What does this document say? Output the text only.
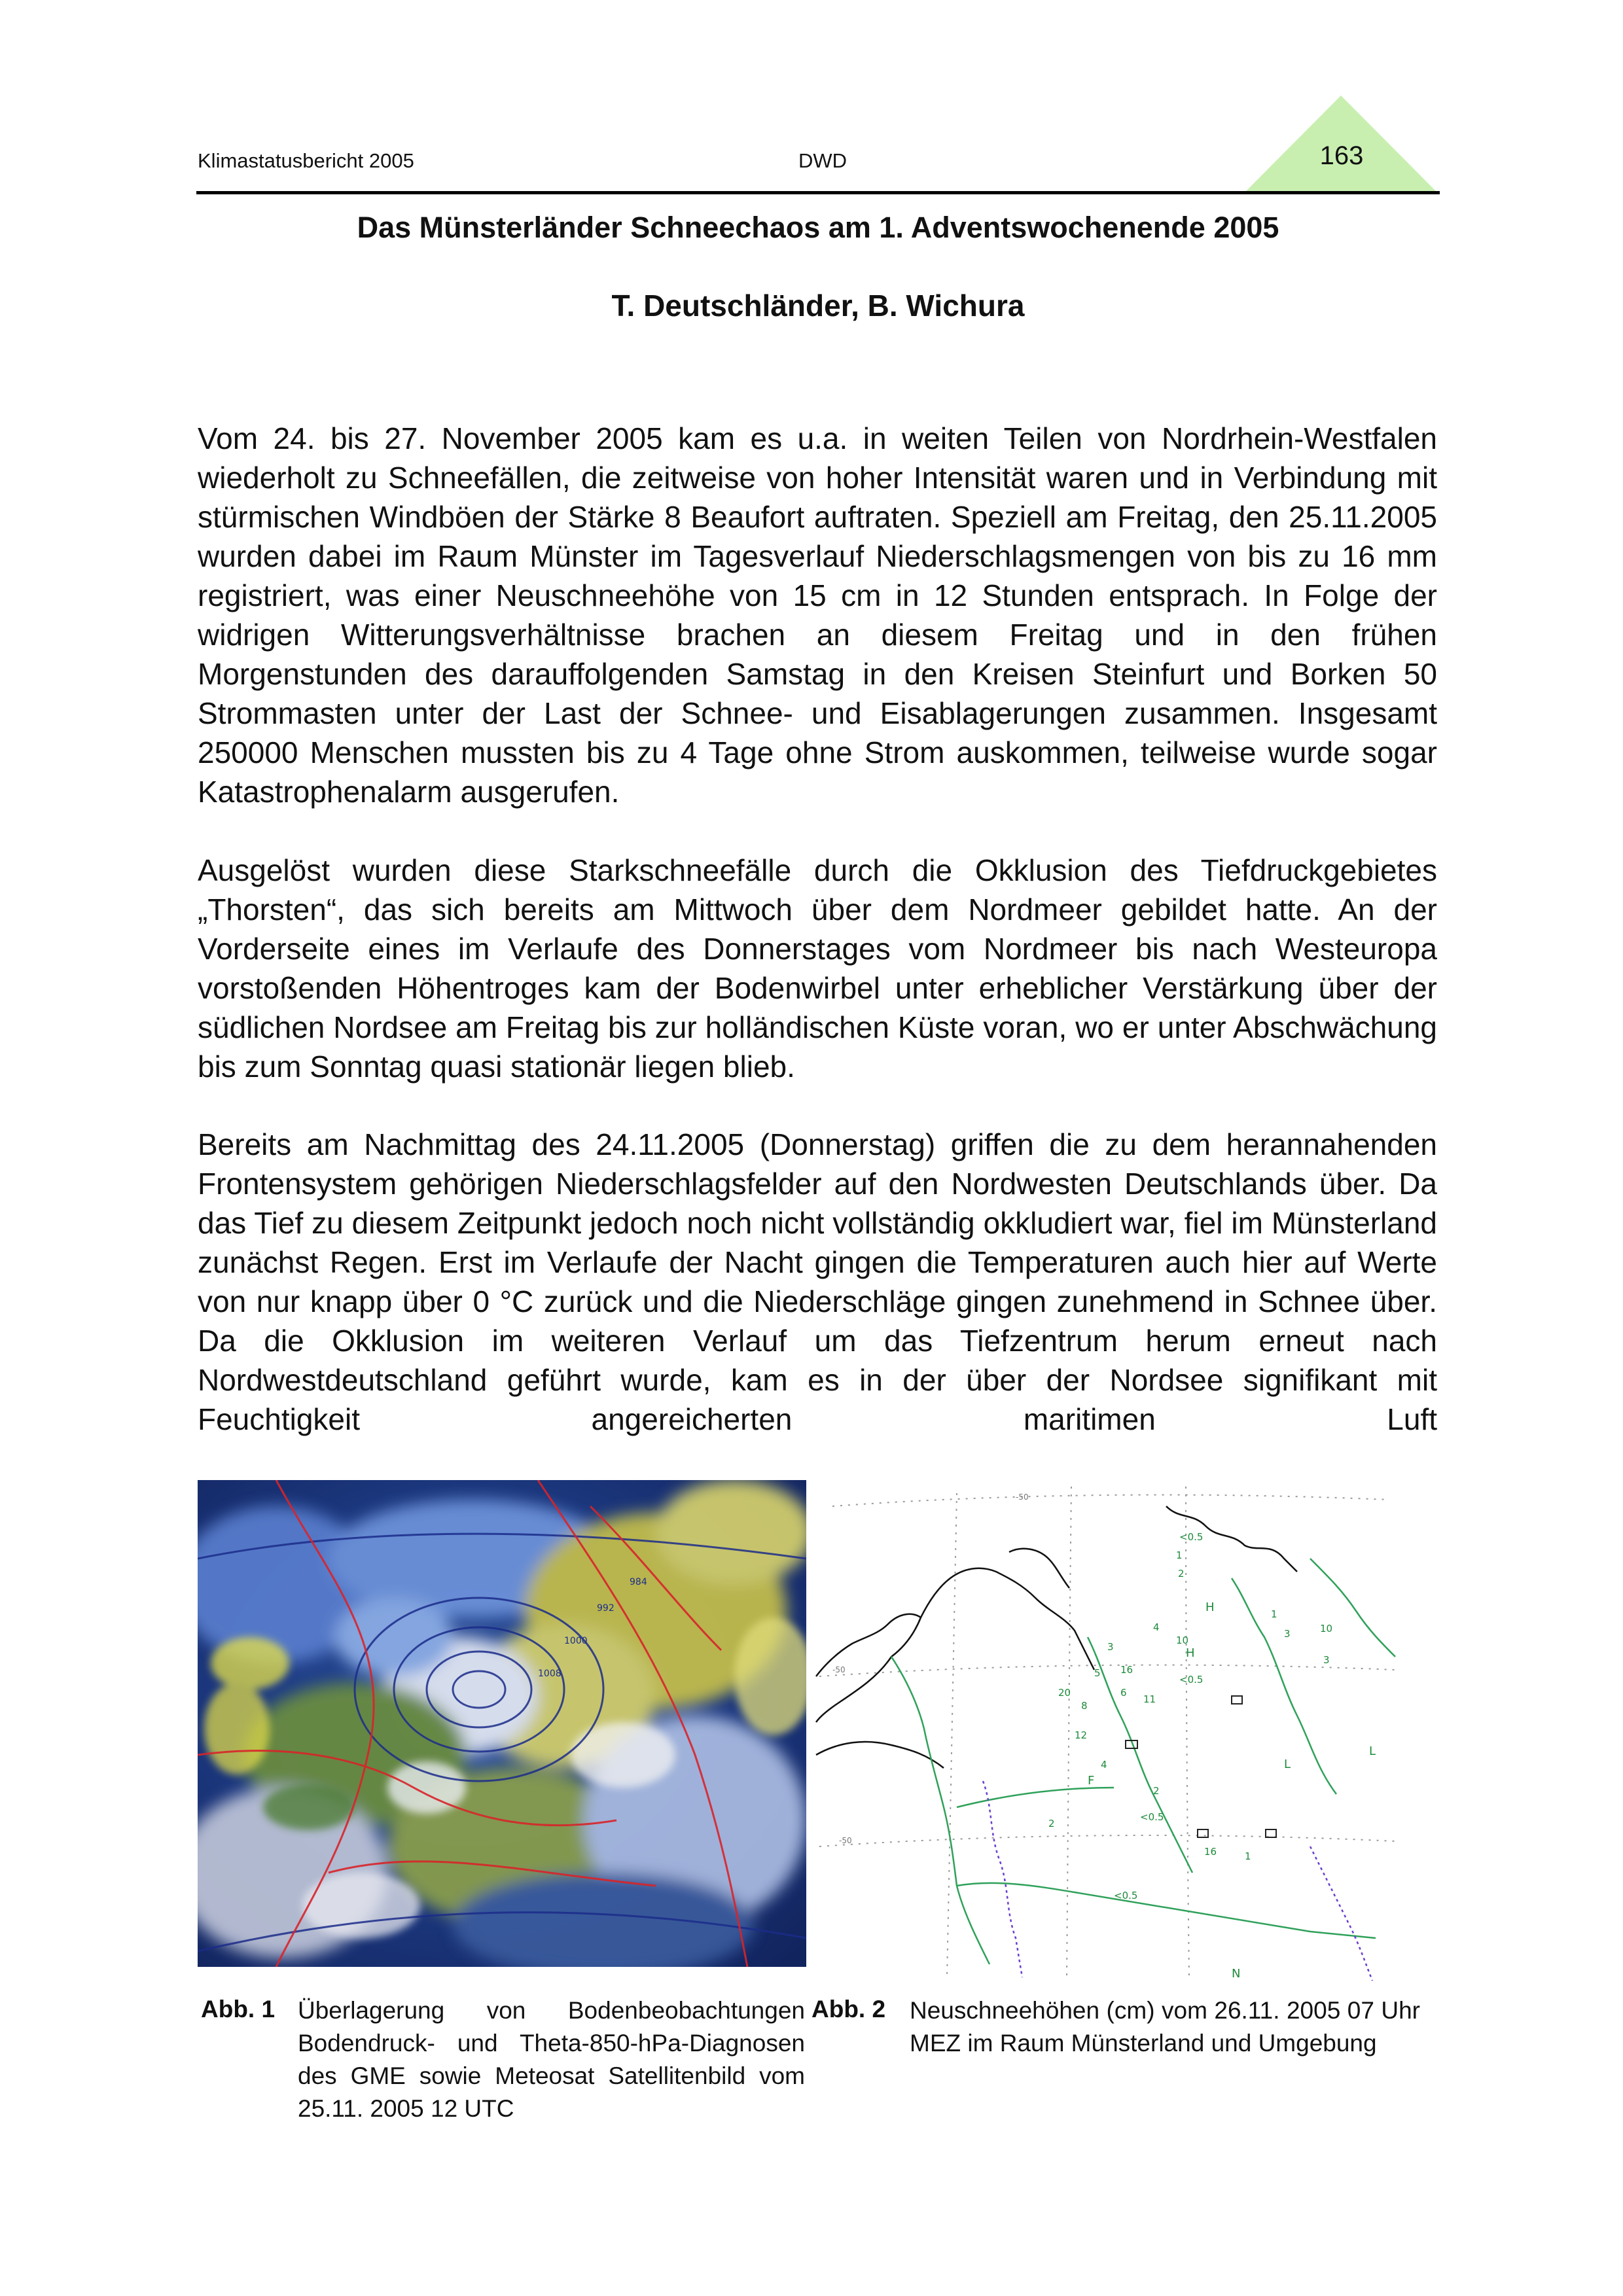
Klimastatusbericht 2005	DWD	163
Das Münsterländer Schneechaos am 1. Adventswochenende 2005
T. Deutschländer, B. Wichura
Vom 24. bis 27. November 2005 kam es u.a. in weiten Teilen von Nordrhein-Westfalen wiederholt zu Schneefällen, die zeitweise von hoher Intensität waren und in Verbindung mit stürmischen Windböen der Stärke 8 Beaufort auftraten. Speziell am Freitag, den 25.11.2005 wurden dabei im Raum Münster im Tagesverlauf Niederschlagsmengen von bis zu 16 mm registriert, was einer Neuschneehöhe von 15 cm in 12 Stunden entsprach. In Folge der widrigen Witterungsverhältnisse brachen an diesem Freitag und in den frühen Morgenstunden des darauffolgenden Samstag in den Kreisen Steinfurt und Borken 50 Strommasten unter der Last der Schnee- und Eisablagerungen zusammen. Insgesamt 250000 Menschen mussten bis zu 4 Tage ohne Strom auskommen, teilweise wurde sogar Katastrophenalarm ausgerufen.
Ausgelöst wurden diese Starkschneefälle durch die Okklusion des Tiefdruckgebietes „Thorsten“, das sich bereits am Mittwoch über dem Nordmeer gebildet hatte. An der Vorderseite eines im Verlaufe des Donnerstages vom Nordmeer bis nach Westeuropa vorstoßenden Höhentroges kam der Bodenwirbel unter erheblicher Verstärkung über der südlichen Nordsee am Freitag bis zur holländischen Küste voran, wo er unter Abschwächung bis zum Sonntag quasi stationär liegen blieb.
Bereits am Nachmittag des 24.11.2005 (Donnerstag) griffen die zu dem herannahenden Frontensystem gehörigen Niederschlagsfelder auf den Nordwesten Deutschlands über. Da das Tief zu diesem Zeitpunkt jedoch noch nicht vollständig okkludiert war, fiel im Münsterland zunächst Regen. Erst im Verlaufe der Nacht gingen die Temperaturen auch hier auf Werte von nur knapp über 0 °C zurück und die Niederschläge gingen zunehmend in Schnee über. Da die Okklusion im weiteren Verlauf um das Tiefzentrum herum erneut nach Nordwestdeutschland geführt wurde, kam es in der über der Nordsee signifikant mit Feuchtigkeit angereicherten maritimen Luft
1008
1000
992
984
<0.5
1
2
3
4
5
6
8
10
11
12
16
20
<0.5
3
1
10
16
4
2
<0.5
1
3
<0.5
2
H
H
L
F
N
L
-50
-50
-50
Abb. 1 Überlagerung von Bodenbeobachtungen Bodendruck- und Theta-850-hPa-Diagnosen des GME sowie Meteosat Satellitenbild vom 25.11. 2005 12 UTC
Abb. 2 Neuschneehöhen (cm) vom 26.11. 2005 07 Uhr MEZ im Raum Münsterland und Umgebung
